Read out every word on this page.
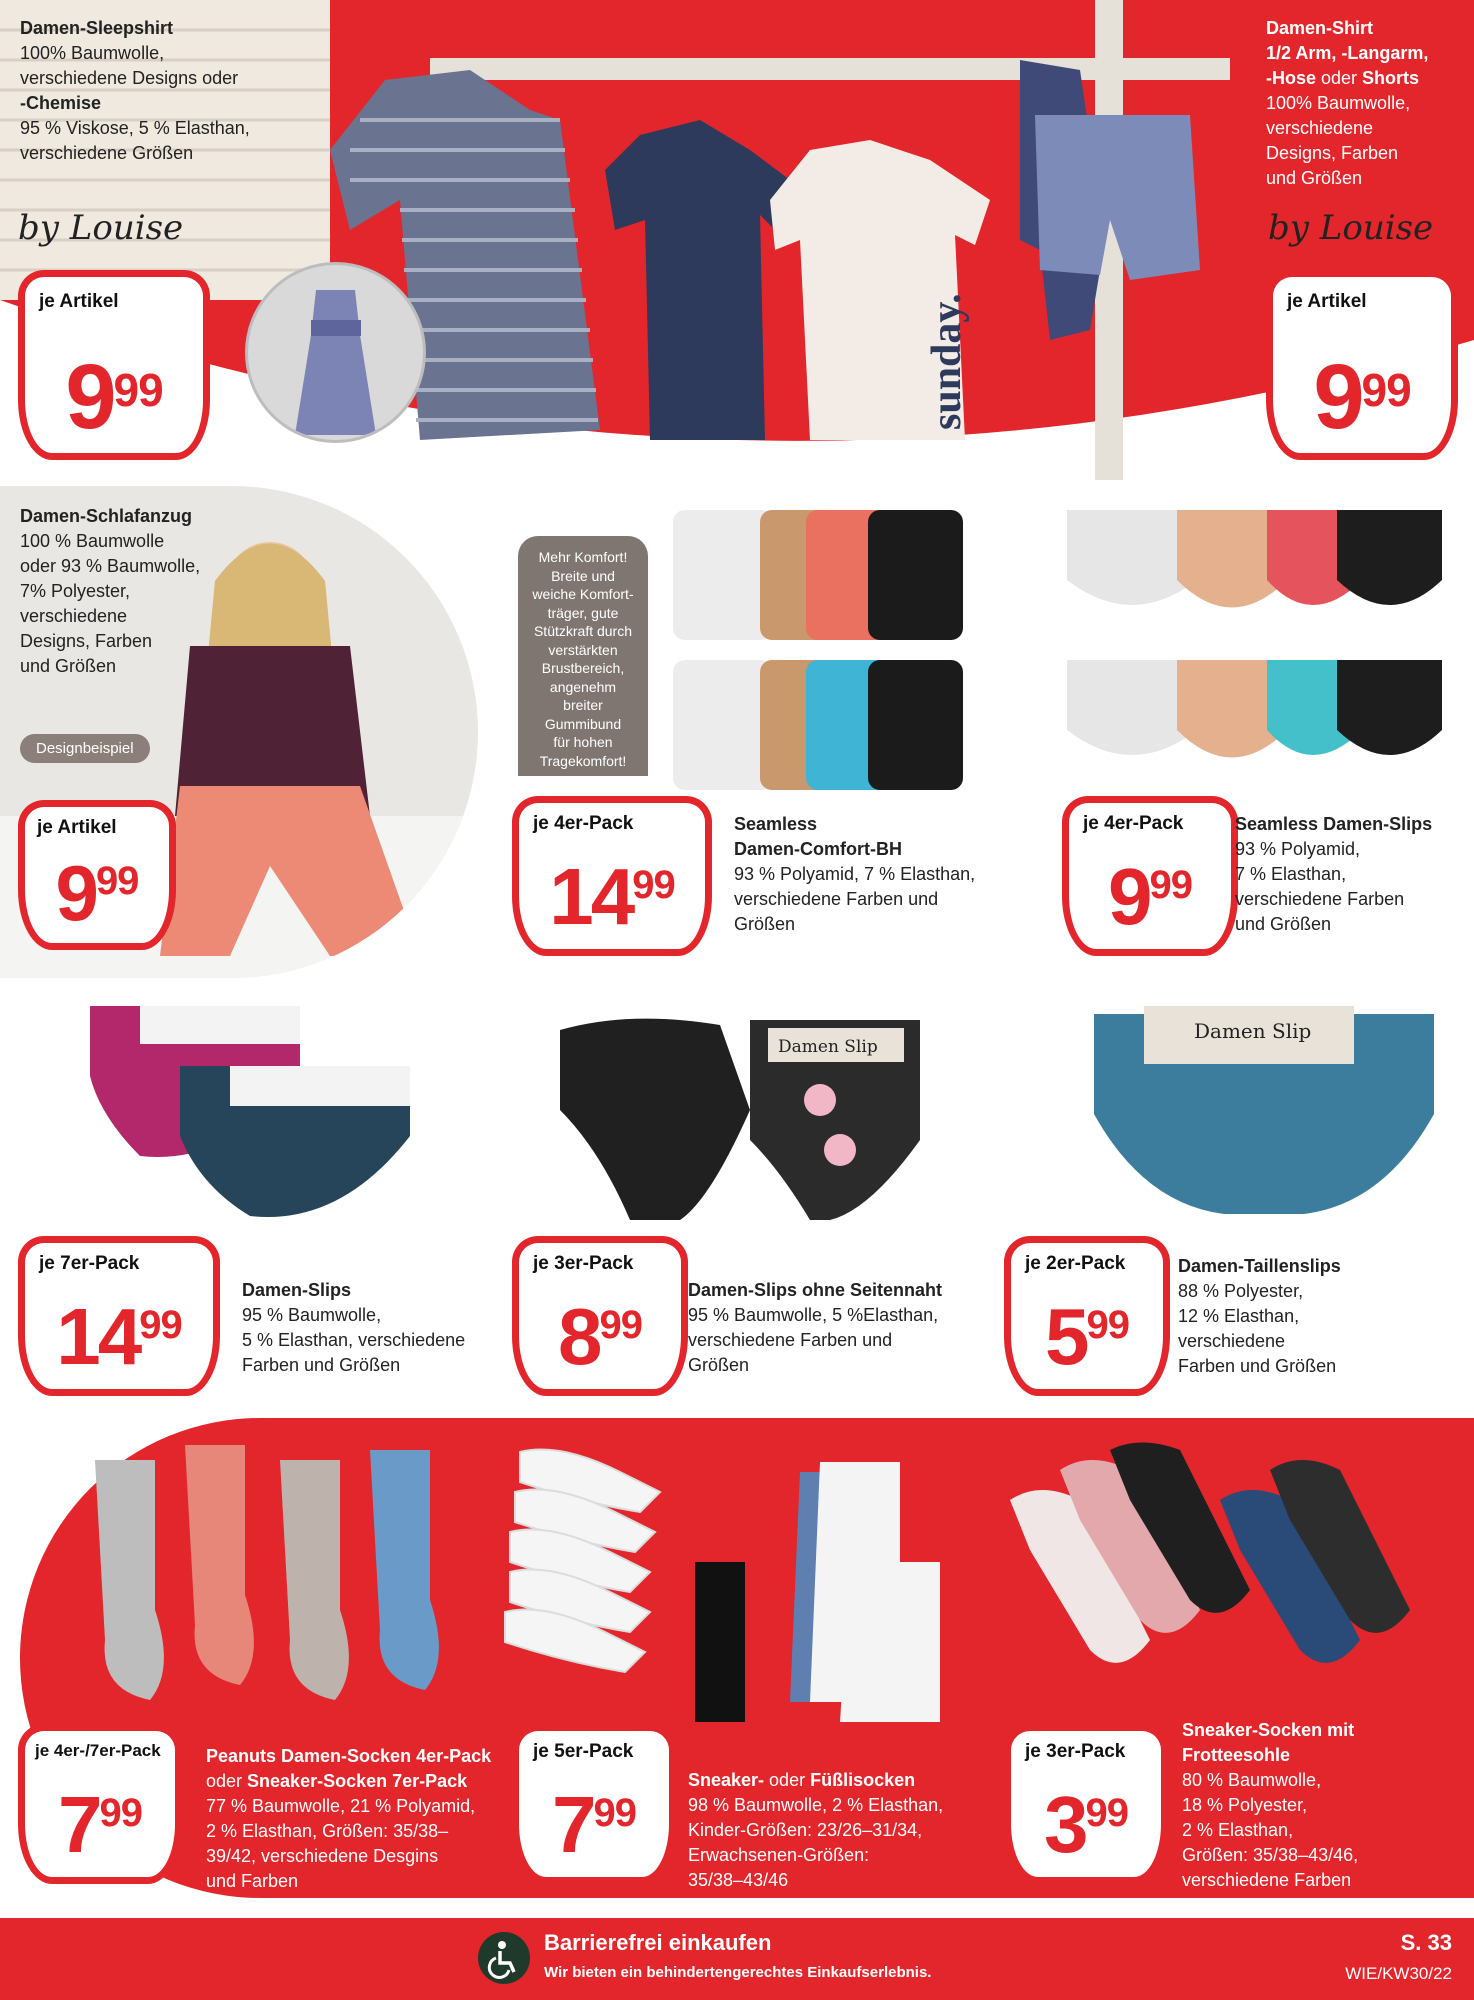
sunday.
Damen-Sleepshirt
100% Baumwolle,
verschiedene Designs oder
-Chemise
95 % Viskose, 5 % Elasthan,
verschiedene Größen
by Louise
je Artikel
999
Damen-Shirt
1/2 Arm, -Langarm,
-Hose oder Shorts
100% Baumwolle,
verschiedene
Designs, Farben
und Größen
by Louise
je Artikel
999
Damen-Schlafanzug
100 % Baumwolle
oder 93 % Baumwolle,
7% Polyester,
verschiedene
Designs, Farben
und Größen
Designbeispiel
je Artikel
999
Mehr Komfort!
Breite und
weiche Komfort-
träger, gute
Stützkraft durch
verstärkten
Brustbereich,
angenehm
breiter
Gummibund
für hohen
Tragekomfort!
je 4er-Pack
1499
Seamless
Damen-Comfort-BH
93 % Polyamid, 7 % Elasthan,
verschiedene Farben und
Größen
je 4er-Pack
999
Seamless Damen-Slips
93 % Polyamid,
7 % Elasthan,
verschiedene Farben
und Größen
je 7er-Pack
1499
Damen-Slips
95 % Baumwolle,
5 % Elasthan, verschiedene
Farben und Größen
Damen Slip
je 3er-Pack
899
Damen-Slips ohne Seitennaht
95 % Baumwolle, 5 %Elasthan,
verschiedene Farben und
Größen
Damen Slip
je 2er-Pack
599
Damen-Taillenslips
88 % Polyester,
12 % Elasthan,
verschiedene
Farben und Größen
je 4er-/7er-Pack
799
Peanuts Damen-Socken 4er-Pack
oder Sneaker-Socken 7er-Pack
77 % Baumwolle, 21 % Polyamid,
2 % Elasthan, Größen: 35/38–
39/42, verschiedene Desgins
und Farben
je 5er-Pack
799
Sneaker- oder Füßlisocken
98 % Baumwolle, 2 % Elasthan,
Kinder-Größen: 23/26–31/34,
Erwachsenen-Größen:
35/38–43/46
je 3er-Pack
399
Sneaker-Socken mit
Frotteesohle
80 % Baumwolle,
18 % Polyester,
2 % Elasthan,
Größen: 35/38–43/46,
verschiedene Farben
Barrierefrei einkaufen
Wir bieten ein behindertengerechtes Einkaufserlebnis.
S. 33
WIE/KW30/22
